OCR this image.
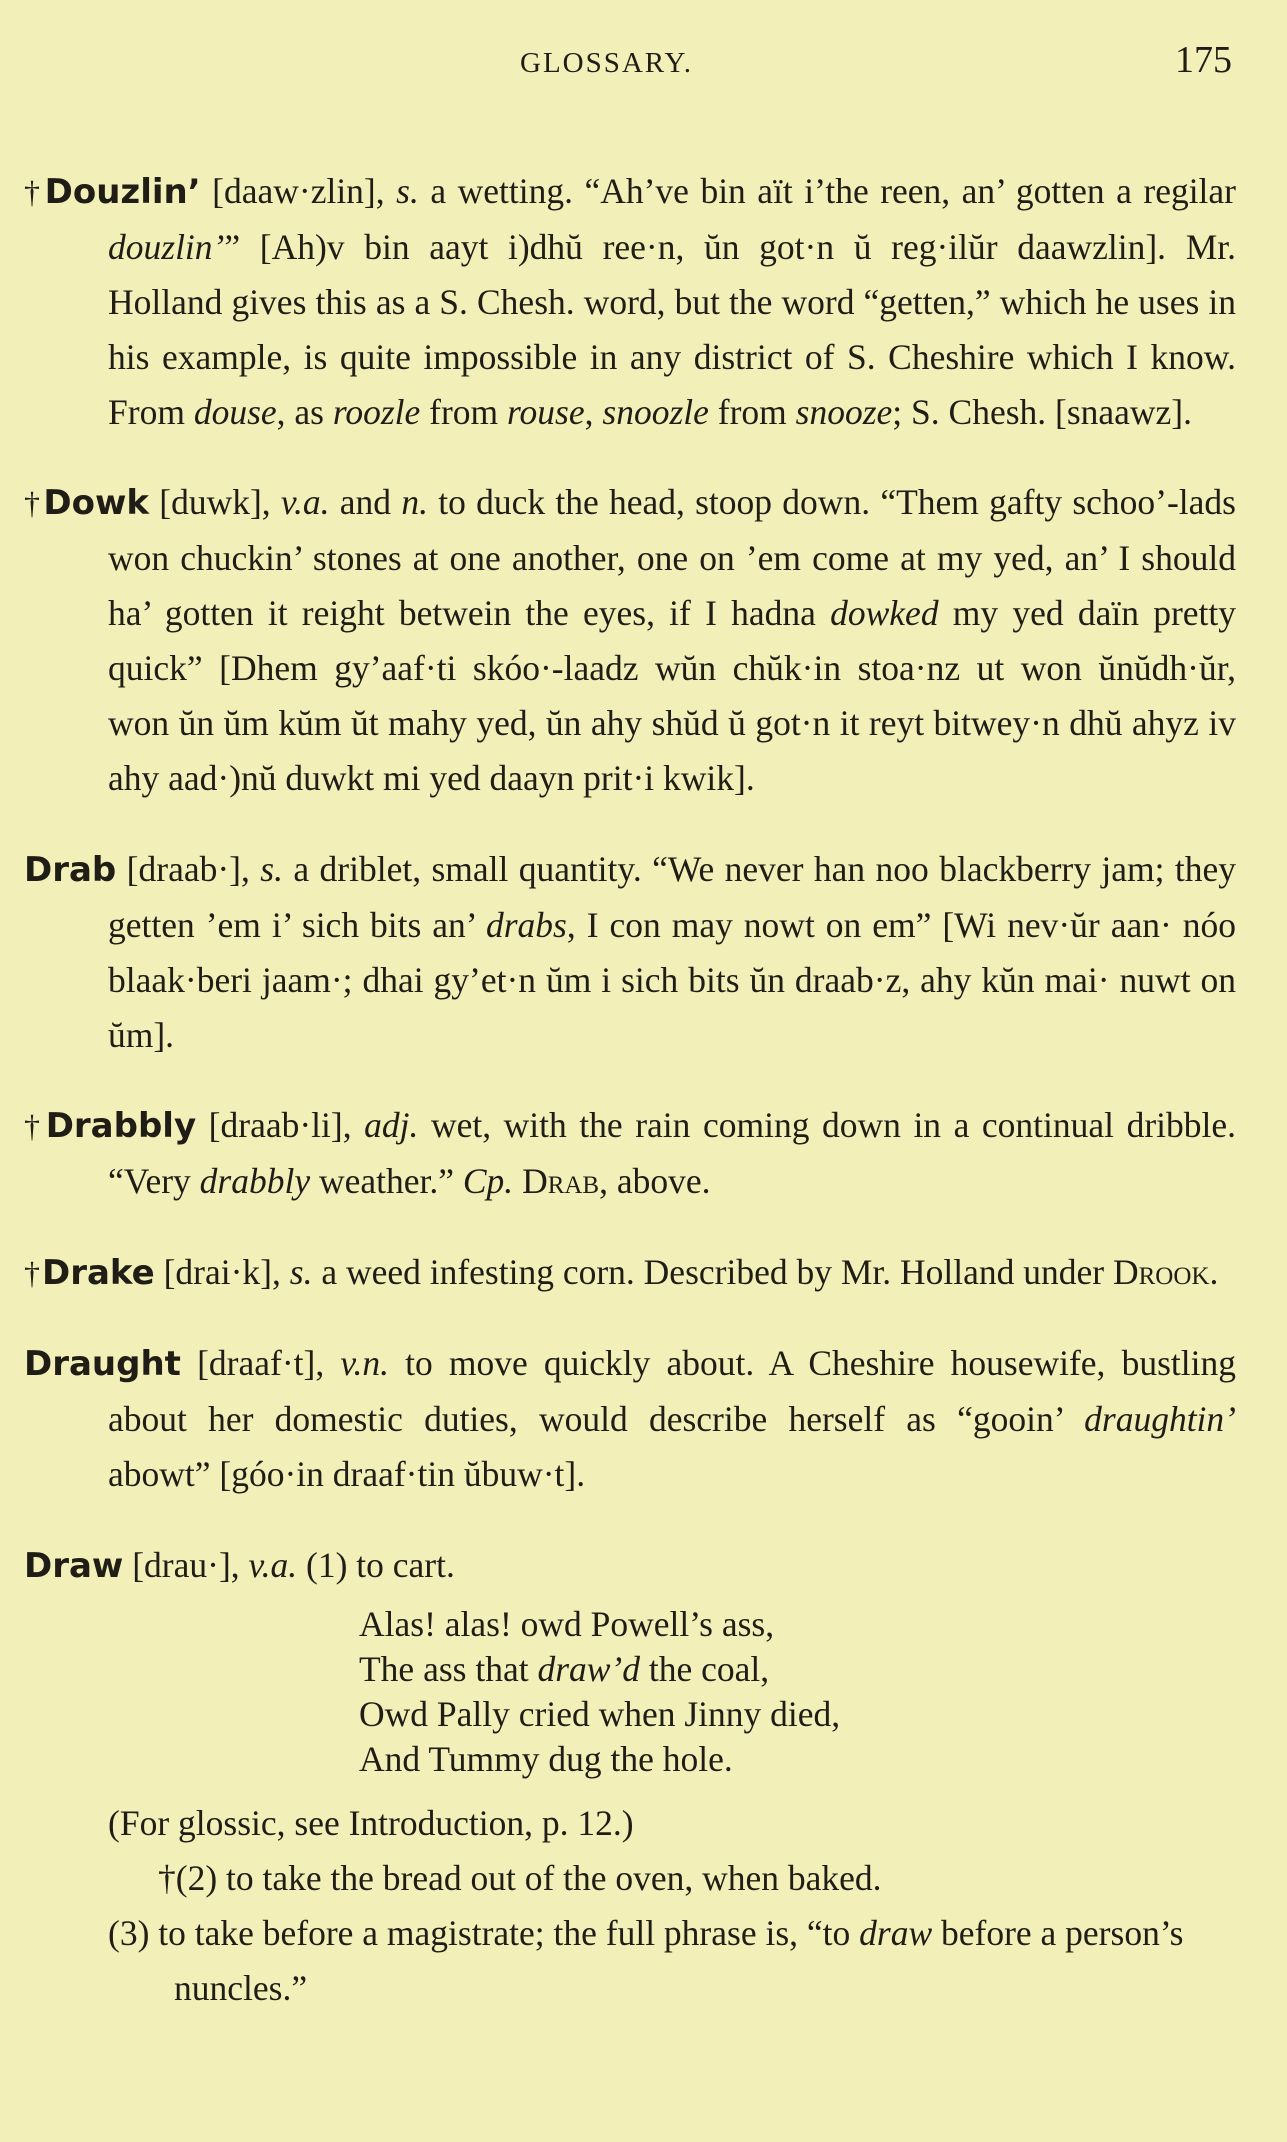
GLOSSARY.	175

†Douzlin’ [daaw·zlin], s. a wetting. “Ah’ve bin aït i’the reen, an’ gotten a regilar douzlin’” [Ah)v bin aayt i)dhŭ ree·n, ŭn got·n ŭ reg·ilŭr daawzlin]. Mr. Holland gives this as a S. Chesh. word, but the word “getten,” which he uses in his example, is quite impossible in any district of S. Cheshire which I know. From douse, as roozle from rouse, snoozle from snooze; S. Chesh. [snaawz].

†Dowk [duwk], v.a. and n. to duck the head, stoop down. “Them gafty schoo’-lads won chuckin’ stones at one another, one on ’em come at my yed, an’ I should ha’ gotten it reight betwein the eyes, if I hadna dowked my yed daïn pretty quick” [Dhem gy’aaf·ti skóo·-laadz wŭn chŭk·in stoa·nz ut won ŭnŭdh·ŭr, won ŭn ŭm kŭm ŭt mahy yed, ŭn ahy shŭd ŭ got·n it reyt bitwey·n dhŭ ahyz iv ahy aad·)nŭ duwkt mi yed daayn prit·i kwik].

Drab [draab·], s. a driblet, small quantity. “We never han noo blackberry jam; they getten ’em i’ sich bits an’ drabs, I con may nowt on em” [Wi nev·ŭr aan· nóo blaak·beri jaam·; dhai gy’et·n ŭm i sich bits ŭn draab·z, ahy kŭn mai· nuwt on ŭm].

†Drabbly [draab·li], adj. wet, with the rain coming down in a continual dribble. “Very drabbly weather.” Cp. Drab, above.

†Drake [drai·k], s. a weed infesting corn. Described by Mr. Holland under Drook.

Draught [draaf·t], v.n. to move quickly about. A Cheshire housewife, bustling about her domestic duties, would describe herself as “gooin’ draughtin’ abowt” [góo·in draaf·tin ŭbuw·t].

Draw [drau·], v.a. (1) to cart.

Alas! alas! owd Powell’s ass,
The ass that draw’d the coal,
Owd Pally cried when Jinny died,
And Tummy dug the hole.

(For glossic, see Introduction, p. 12.)

†(2) to take the bread out of the oven, when baked.

(3) to take before a magistrate; the full phrase is, “to draw before a person’s nuncles.”
